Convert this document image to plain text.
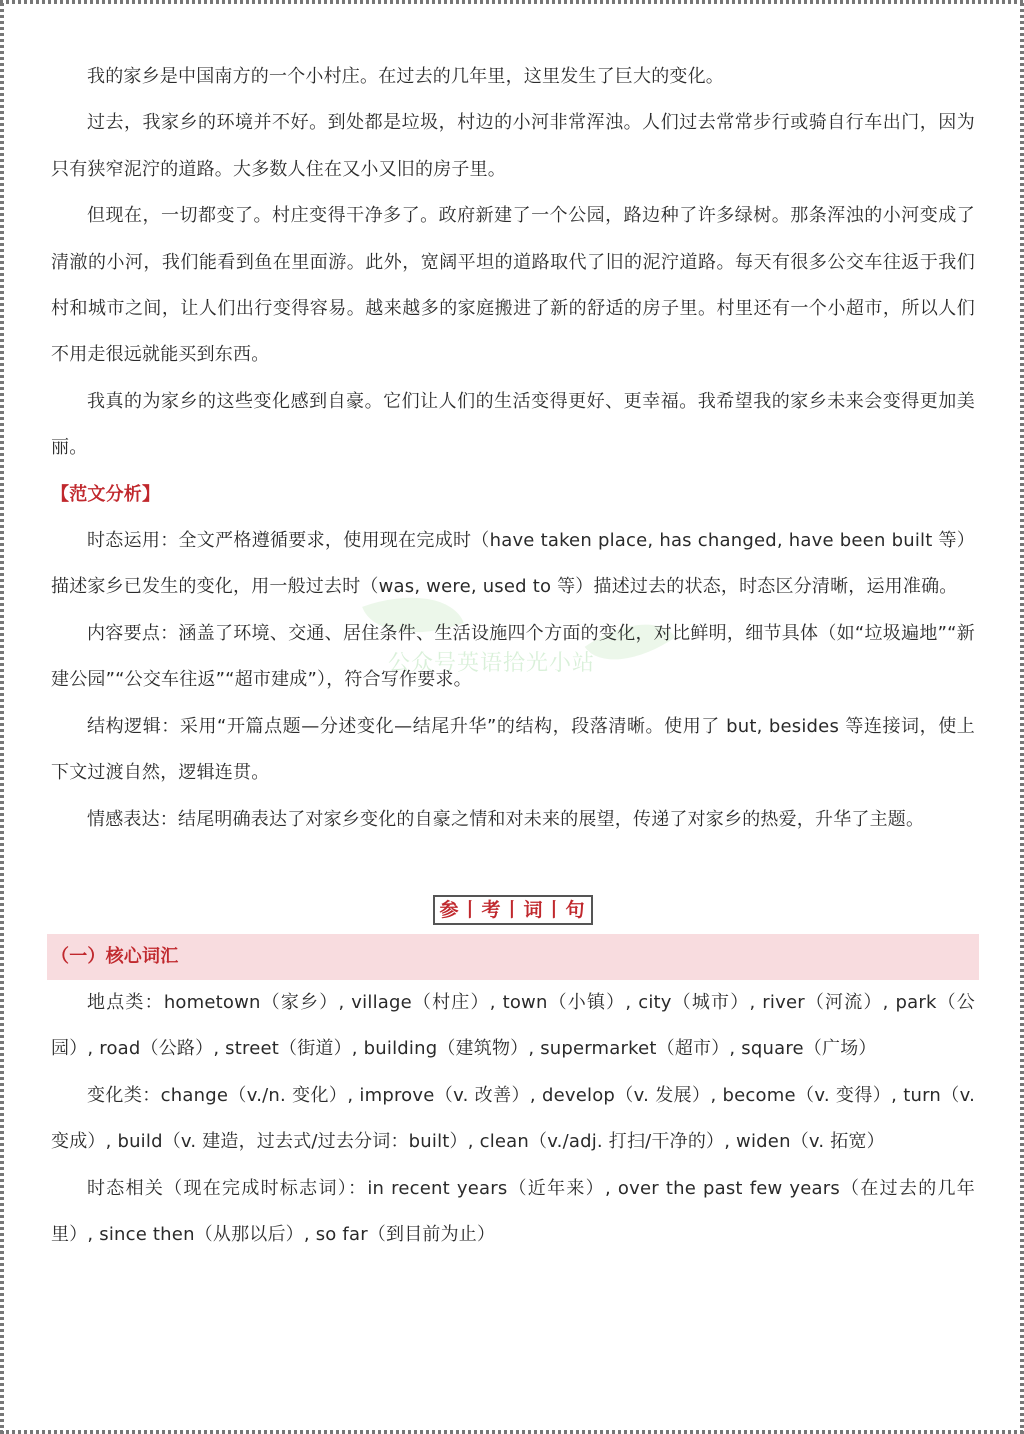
公众号英语拾光小站

我的家乡是中国南方的一个小村庄。在过去的几年里，这里发生了巨大的变化。

过去，我家乡的环境并不好。到处都是垃圾，村边的小河非常浑浊。人们过去常常步行或骑自行车出门，因为只有狭窄泥泞的道路。大多数人住在又小又旧的房子里。

但现在，一切都变了。村庄变得干净多了。政府新建了一个公园，路边种了许多绿树。那条浑浊的小河变成了清澈的小河，我们能看到鱼在里面游。此外，宽阔平坦的道路取代了旧的泥泞道路。每天有很多公交车往返于我们村和城市之间，让人们出行变得容易。越来越多的家庭搬进了新的舒适的房子里。村里还有一个小超市，所以人们不用走很远就能买到东西。

我真的为家乡的这些变化感到自豪。它们让人们的生活变得更好、更幸福。我希望我的家乡未来会变得更加美丽。

【范文分析】

时态运用：全文严格遵循要求，使用现在完成时（have taken place, has changed, have been built 等）描述家乡已发生的变化，用一般过去时（was, were, used to 等）描述过去的状态，时态区分清晰，运用准确。

内容要点：涵盖了环境、交通、居住条件、生活设施四个方面的变化，对比鲜明，细节具体（如“垃圾遍地”“新建公园”“公交车往返”“超市建成”），符合写作要求。

结构逻辑：采用“开篇点题—分述变化—结尾升华”的结构，段落清晰。使用了 but, besides 等连接词，使上下文过渡自然，逻辑连贯。

情感表达：结尾明确表达了对家乡变化的自豪之情和对未来的展望，传递了对家乡的热爱，升华了主题。

参丨考丨词丨句
（一）核心词汇

地点类：hometown（家乡）, village（村庄）, town（小镇）, city（城市）, river（河流）, park（公园）, road（公路）, street（街道）, building（建筑物）, supermarket（超市）, square（广场）

变化类：change（v./n. 变化）, improve（v. 改善）, develop（v. 发展）, become（v. 变得）, turn（v. 变成）, build（v. 建造，过去式/过去分词：built）, clean（v./adj. 打扫/干净的）, widen（v. 拓宽）

时态相关（现在完成时标志词）：in recent years（近年来）, over the past few years（在过去的几年里）, since then（从那以后）, so far（到目前为止）
